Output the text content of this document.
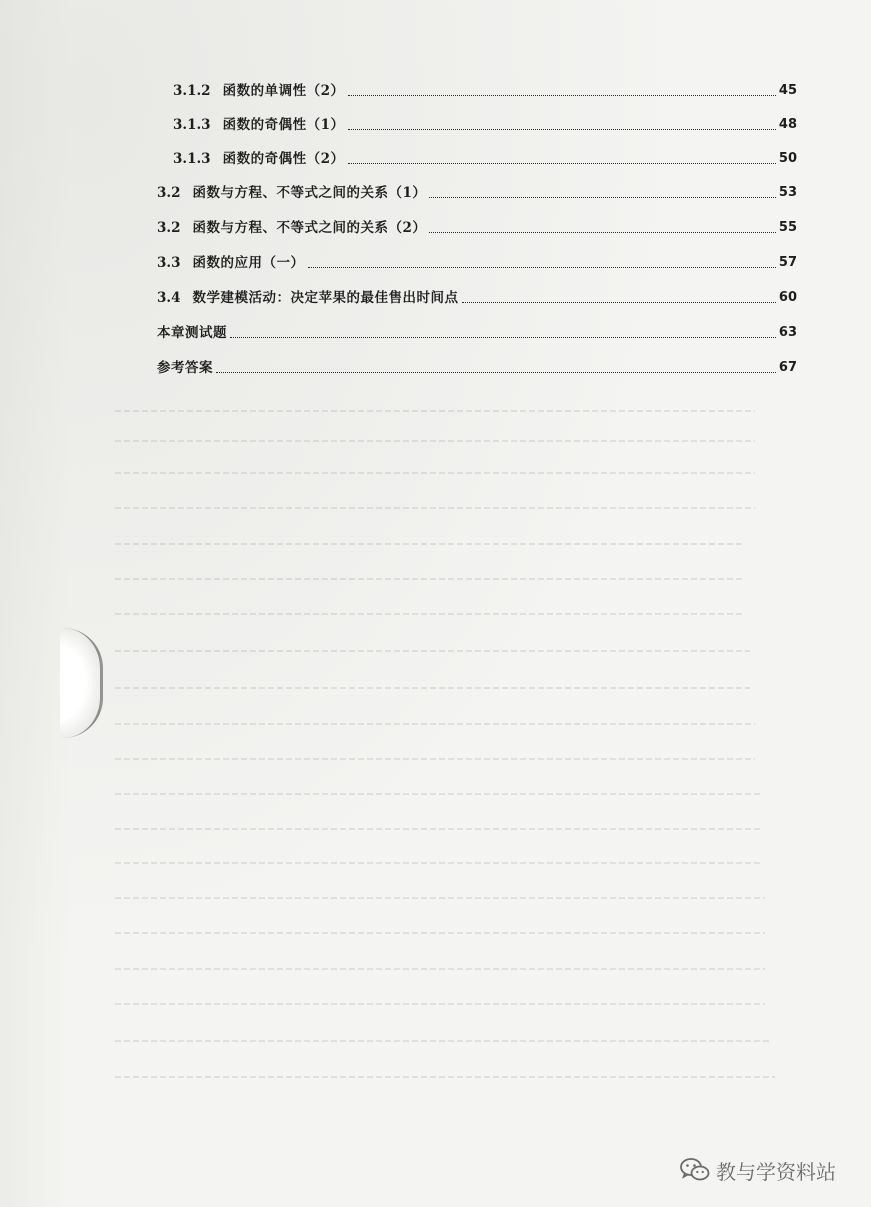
3.1.2 函数的单调性（2）	45
3.1.3 函数的奇偶性（1）	48
3.1.3 函数的奇偶性（2）	50
3.2 函数与方程、不等式之间的关系（1）	53
3.2 函数与方程、不等式之间的关系（2）	55
3.3 函数的应用（一）	57
3.4 数学建模活动：决定苹果的最佳售出时间点	60
本章测试题	63
参考答案	67
教与学资料站
